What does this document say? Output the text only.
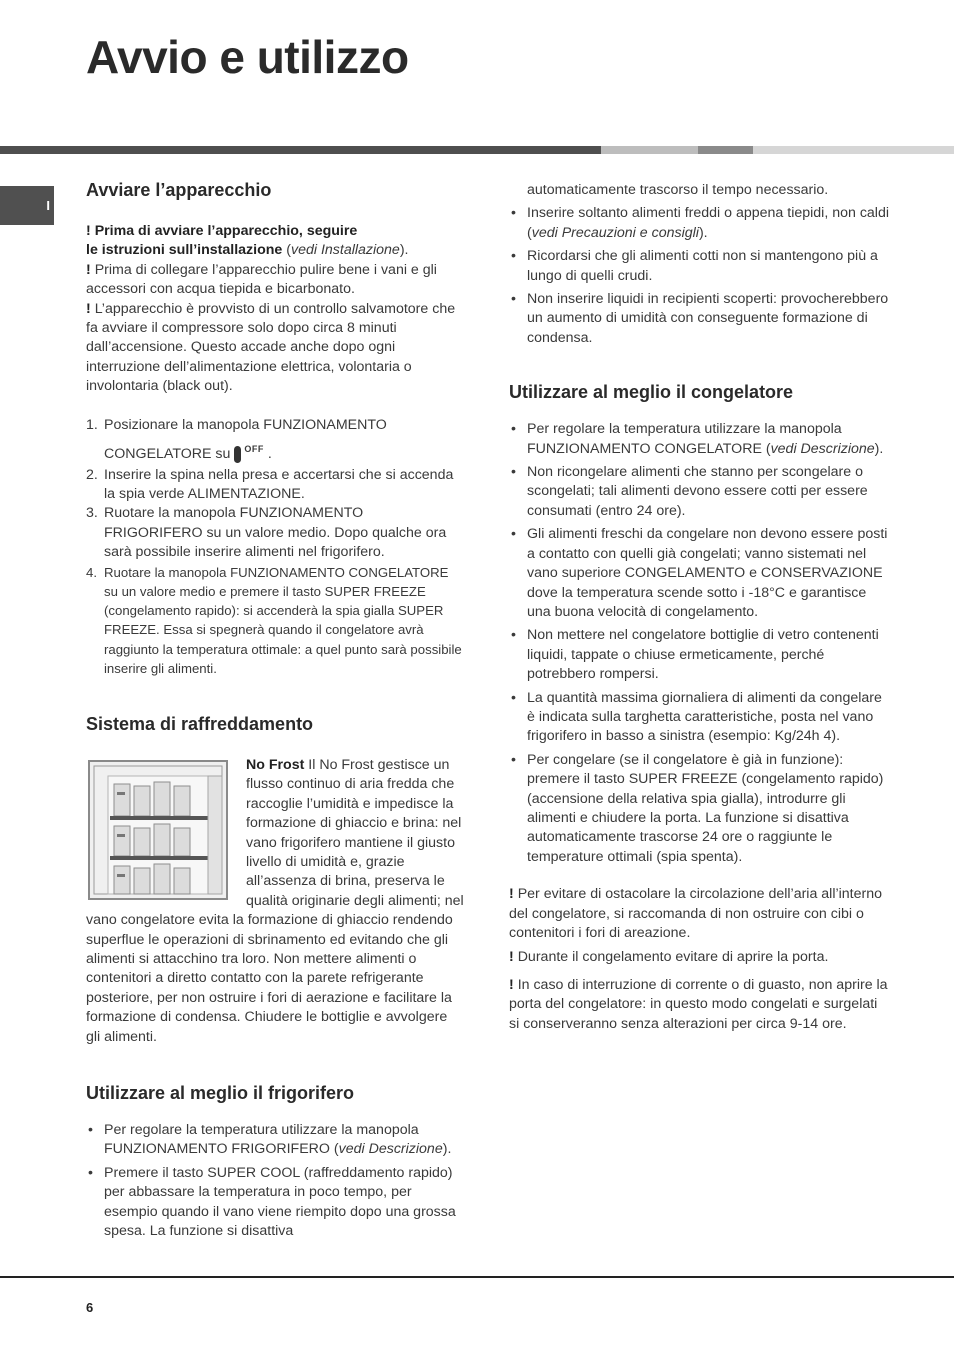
Avvio e utilizzo
I
Avviare l’apparecchio

! Prima di avviare l’apparecchio, seguire
le istruzioni sull’installazione (vedi Installazione).

! Prima di collegare l’apparecchio pulire bene i vani e gli accessori con acqua tiepida e bicarbonato.

! L’apparecchio è provvisto di un controllo salvamotore che fa avviare il compressore solo dopo circa 8 minuti dall’accensione. Questo accade anche dopo ogni interruzione dell’alimentazione elettrica, volontaria o involontaria (black out).

1. Posizionare la manopola FUNZIONAMENTO
CONGELATORE su $^{OFF}$ .
2. Inserire la spina nella presa e accertarsi che si accenda la spia verde ALIMENTAZIONE.
3. Ruotare la manopola FUNZIONAMENTO FRIGORIFERO su un valore medio. Dopo qualche ora sarà possibile inserire alimenti nel frigorifero.
4. Ruotare la manopola FUNZIONAMENTO CONGELATORE su un valore medio e premere il tasto SUPER FREEZE (congelamento rapido): si accenderà la spia gialla SUPER FREEZE. Essa si spegnerà quando il congelatore avrà raggiunto la temperatura ottimale: a quel punto sarà possibile inserire gli alimenti.
Sistema di raffreddamento

No Frost Il No Frost gestisce un flusso continuo di aria fredda che raccoglie l’umidità e impedisce la formazione di ghiaccio e brina: nel vano frigorifero mantiene il giusto livello di umidità e, grazie all’assenza di brina, preserva le qualità originarie degli alimenti; nel vano congelatore evita la formazione di ghiaccio rendendo superflue le operazioni di sbrinamento ed evitando che gli alimenti si attacchino tra loro. Non mettere alimenti o contenitori a diretto contatto con la parete refrigerante posteriore, per non ostruire i fori di aerazione e facilitare la formazione di condensa. Chiudere le bottiglie e avvolgere gli alimenti.

Utilizzare al meglio il frigorifero
• Per regolare la temperatura utilizzare la manopola FUNZIONAMENTO FRIGORIFERO (vedi Descrizione).
• Premere il tasto SUPER COOL (raffreddamento rapido) per abbassare la temperatura in poco tempo, per esempio quando il vano viene riempito dopo una grossa spesa. La funzione si disattiva

automaticamente trascorso il tempo necessario.

• Inserire soltanto alimenti freddi o appena tiepidi, non caldi (vedi Precauzioni e consigli).
• Ricordarsi che gli alimenti cotti non si mantengono più a lungo di quelli crudi.
• Non inserire liquidi in recipienti scoperti: provocherebbero un aumento di umidità con conseguente formazione di condensa.
Utilizzare al meglio il congelatore
• Per regolare la temperatura utilizzare la manopola FUNZIONAMENTO CONGELATORE (vedi Descrizione).
• Non ricongelare alimenti che stanno per scongelare o scongelati; tali alimenti devono essere cotti per essere consumati (entro 24 ore).
• Gli alimenti freschi da congelare non devono essere posti a contatto con quelli già congelati; vanno sistemati nel vano superiore CONGELAMENTO e CONSERVAZIONE dove la temperatura scende sotto i -18°C e garantisce una buona velocità di congelamento.
• Non mettere nel congelatore bottiglie di vetro contenenti liquidi, tappate o chiuse ermeticamente, perché potrebbero rompersi.
• La quantità massima giornaliera di alimenti da congelare è indicata sulla targhetta caratteristiche, posta nel vano frigorifero in basso a sinistra (esempio: Kg/24h 4).
• Per congelare (se il congelatore è già in funzione): premere il tasto SUPER FREEZE (congelamento rapido) (accensione della relativa spia gialla), introdurre gli alimenti e chiudere la porta. La funzione si disattiva automaticamente trascorse 24 ore o raggiunte le temperature ottimali (spia spenta).

! Per evitare di ostacolare la circolazione dell’aria all’interno del congelatore, si raccomanda di non ostruire con cibi o contenitori i fori di areazione.

! Durante il congelamento evitare di aprire la porta.

! In caso di interruzione di corrente o di guasto, non aprire la porta del congelatore: in questo modo congelati e surgelati si conserveranno senza alterazioni per circa 9-14 ore.

6
